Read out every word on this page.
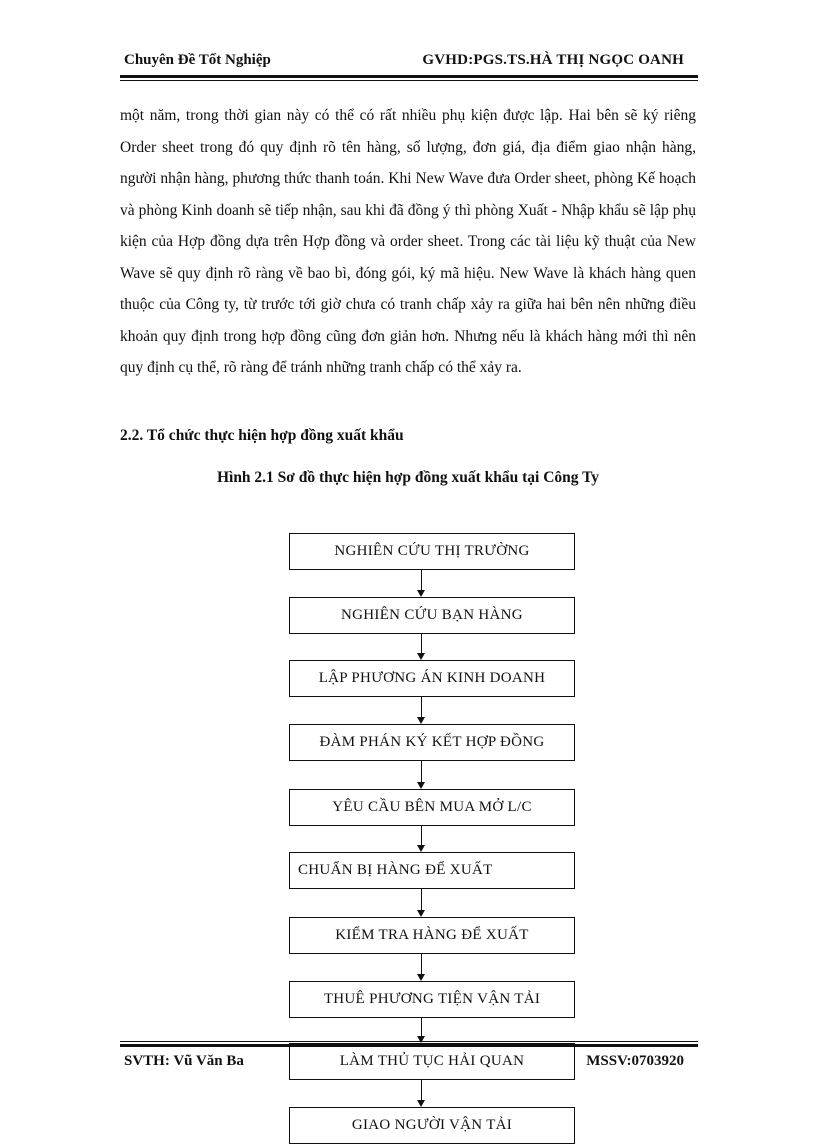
Chuyên Đề Tốt Nghiệp	GVHD:PGS.TS.HÀ THỊ NGỌC OANH

một năm, trong thời gian này có thể có rất nhiều phụ kiện được lập. Hai bên sẽ ký riêng Order sheet trong đó quy định rõ tên hàng, số lượng, đơn giá, địa điểm giao nhận hàng, người nhận hàng, phương thức thanh toán. Khi New Wave đưa Order sheet, phòng Kế hoạch và phòng Kinh doanh sẽ tiếp nhận, sau khi đã đồng ý thì phòng Xuất - Nhập khẩu sẽ lập phụ kiện của Hợp đồng dựa trên Hợp đồng và order sheet. Trong các tài liệu kỹ thuật của New Wave sẽ quy định rõ ràng về bao bì, đóng gói, ký mã hiệu. New Wave là khách hàng quen thuộc của Công ty, từ trước tới giờ chưa có tranh chấp xảy ra giữa hai bên nên những điều khoản quy định trong hợp đồng cũng đơn giản hơn. Nhưng nếu là khách hàng mới thì nên quy định cụ thể, rõ ràng để tránh những tranh chấp có thể xảy ra.

2.2. Tổ chức thực hiện hợp đồng xuất khẩu
Hình 2.1 Sơ đồ thực hiện hợp đồng xuất khẩu tại Công Ty
NGHIÊN CỨU THỊ TRƯỜNG
NGHIÊN CỨU BẠN HÀNG
LẬP PHƯƠNG ÁN KINH DOANH
ĐÀM PHÁN KÝ KẾT HỢP ĐỒNG
YÊU CẦU BÊN MUA MỞ L/C
CHUẨN BỊ HÀNG ĐỂ XUẤT
KIỂM TRA HÀNG ĐỂ XUẤT
THUÊ PHƯƠNG TIỆN VẬN TẢI
LÀM THỦ TỤC HẢI QUAN
GIAO NGƯỜI VẬN TẢI
SVTH: Vũ Văn Ba	MSSV:0703920
